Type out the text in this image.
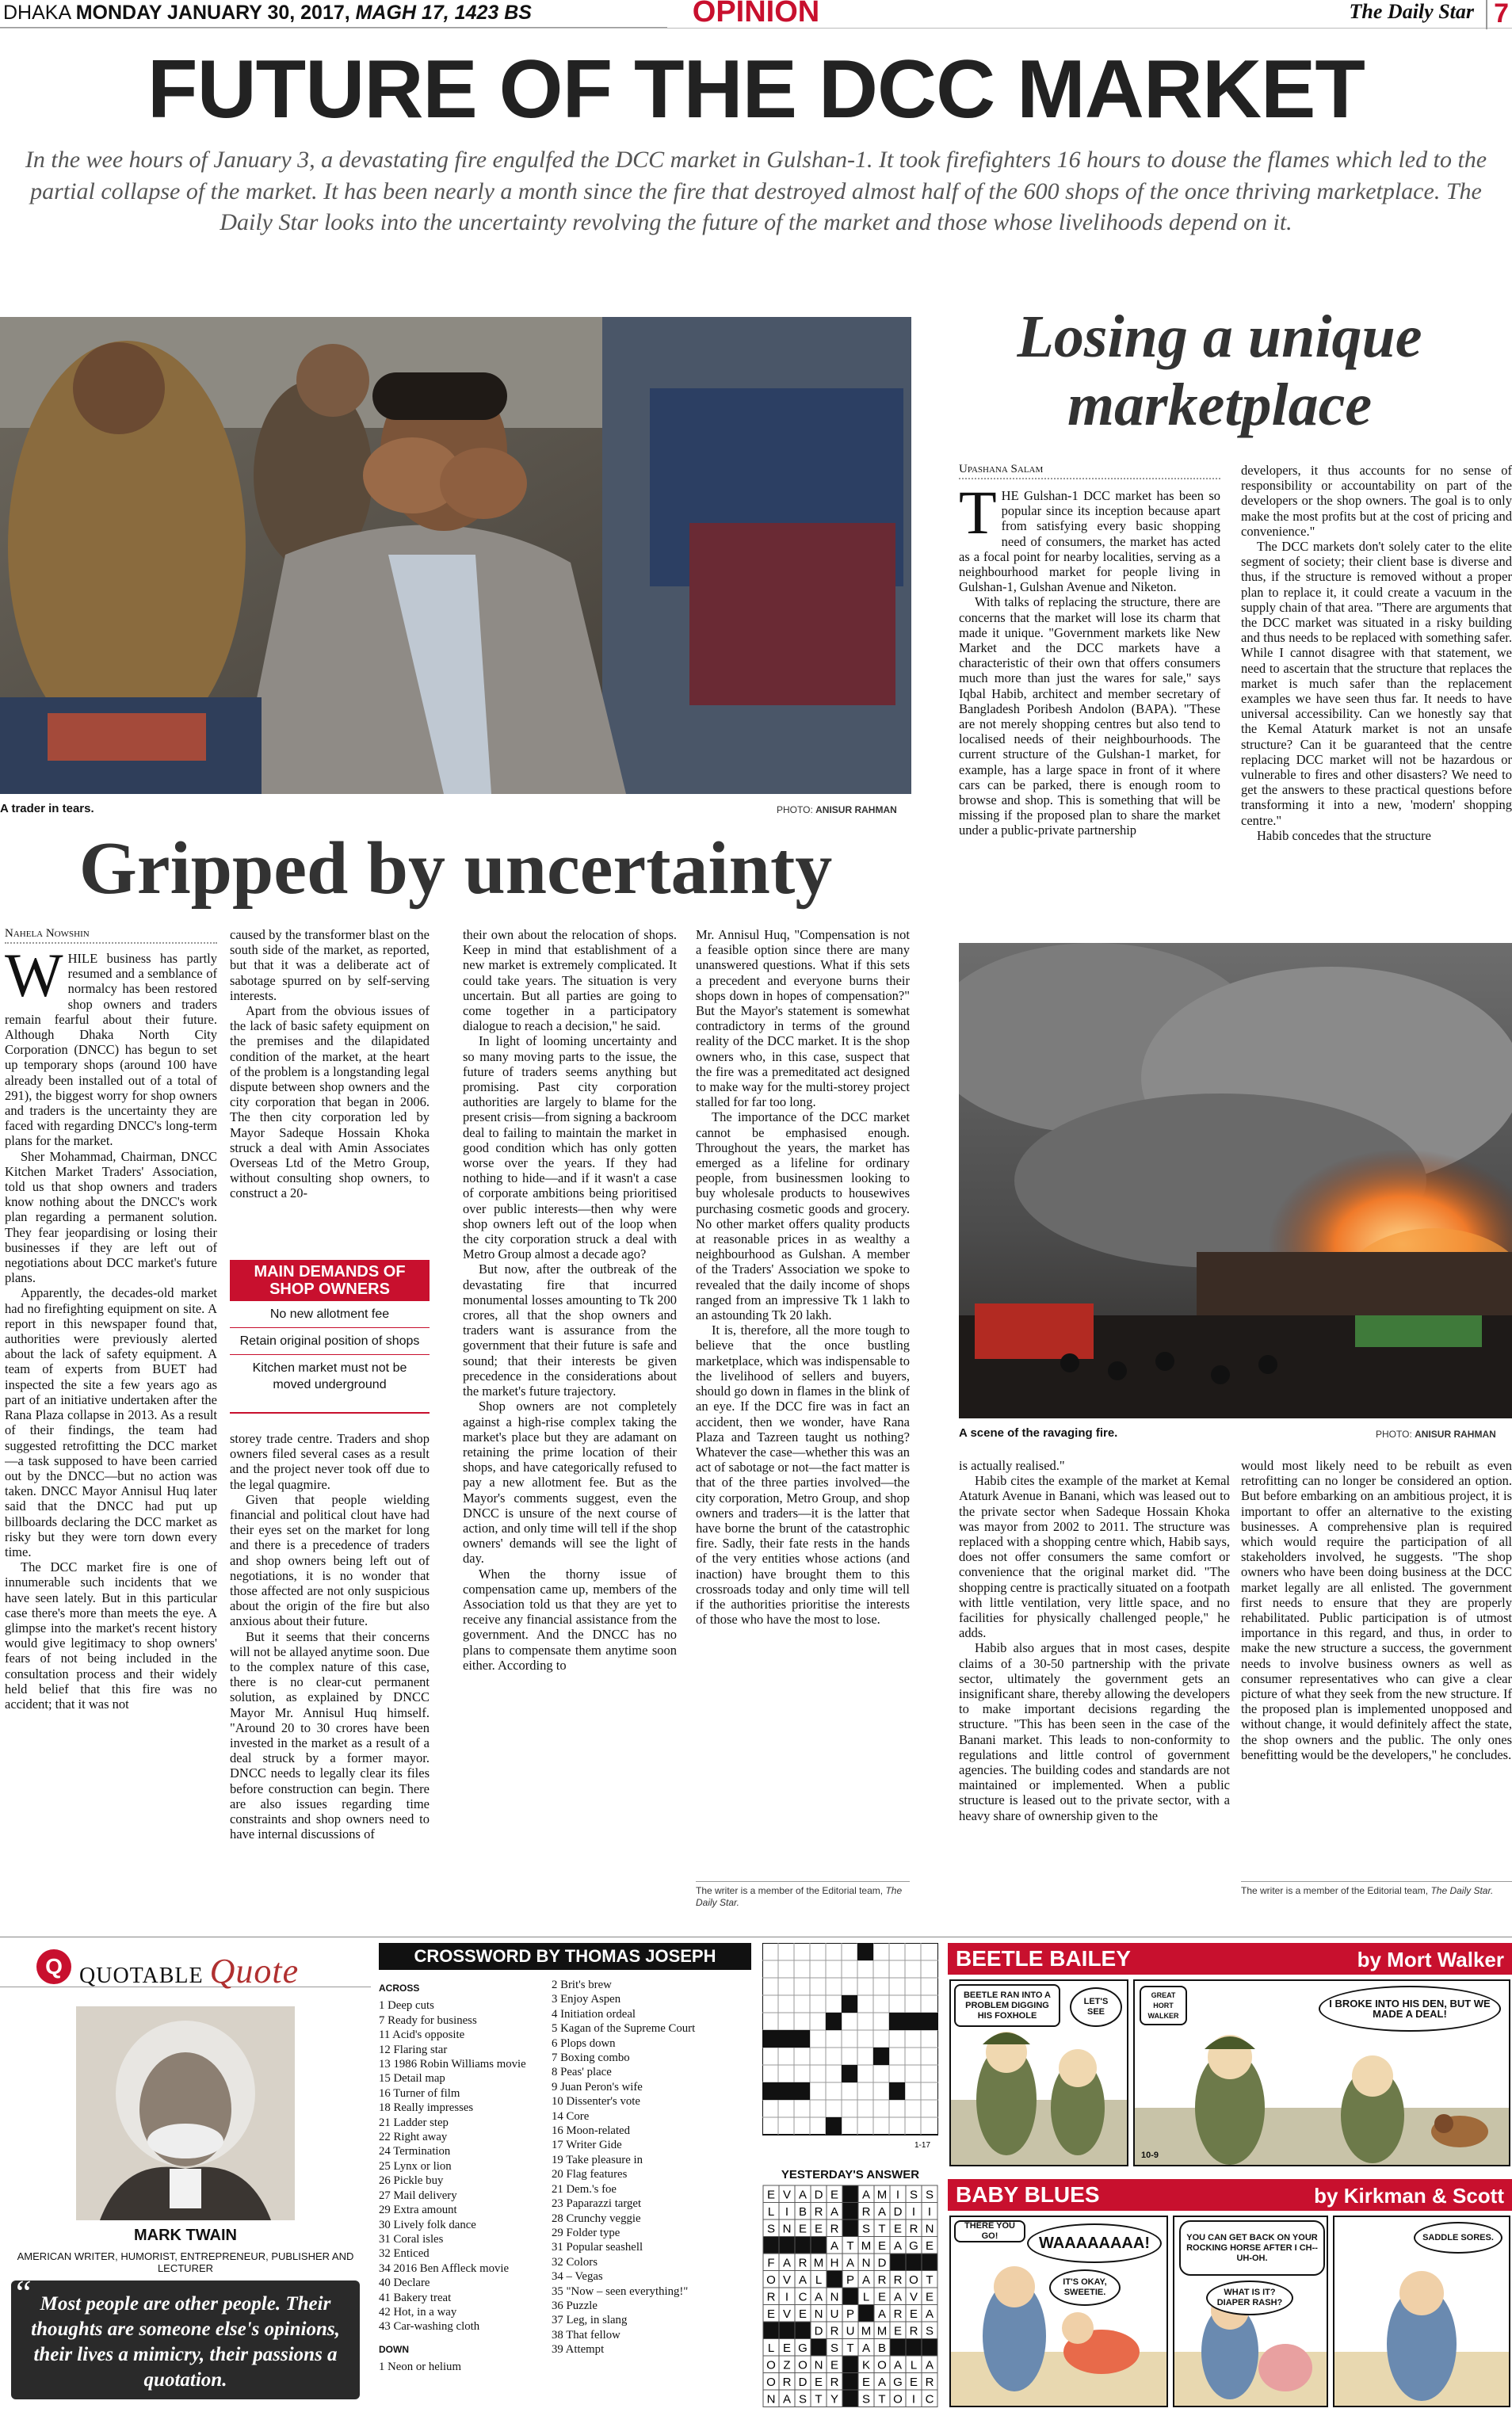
DHAKA MONDAY JANUARY 30, 2017, MAGH 17, 1423 BS	OPINION	The Daily Star 7
FUTURE OF THE DCC MARKET
In the wee hours of January 3, a devastating fire engulfed the DCC market in Gulshan-1. It took firefighters 16 hours to douse the flames which led to the partial collapse of the market. It has been nearly a month since the fire that destroyed almost half of the 600 shops of the once thriving marketplace. The Daily Star looks into the uncertainty revolving the future of the market and those whose livelihoods depend on it.
A trader in tears.	PHOTO: ANISUR RAHMAN
Losing a unique
marketplace
Upashana Salam
T HE Gulshan-1 DCC market has been so popular since its inception because apart from satisfying every basic shopping need of consumers, the market has acted as a focal point for nearby localities, serving as a neighbourhood market for people living in Gulshan-1, Gulshan Avenue and Niketon.

With talks of replacing the structure, there are concerns that the market will lose its charm that made it unique. "Government markets like New Market and the DCC markets have a characteristic of their own that offers consumers much more than just the wares for sale," says Iqbal Habib, architect and member secretary of Bangladesh Poribesh Andolon (BAPA). "These are not merely shopping centres but also tend to localised needs of their neighbourhoods. The current structure of the Gulshan-1 market, for example, has a large space in front of it where cars can be parked, there is enough room to browse and shop. This is something that will be missing if the proposed plan to share the market under a public-private partnership

developers, it thus accounts for no sense of responsibility or accountability on part of the developers or the shop owners. The goal is to only make the most profits but at the cost of pricing and convenience."

The DCC markets don't solely cater to the elite segment of society; their client base is diverse and thus, if the structure is removed without a proper plan to replace it, it could create a vacuum in the supply chain of that area. "There are arguments that the DCC market was situated in a risky building and thus needs to be replaced with something safer. While I cannot disagree with that statement, we need to ascertain that the structure that replaces the market is much safer than the replacement examples we have seen thus far. It needs to have universal accessibility. Can we honestly say that the Kemal Ataturk market is not an unsafe structure? Can it be guaranteed that the centre replacing DCC market will not be hazardous or vulnerable to fires and other disasters? We need to get the answers to these practical questions before transforming it into a new, 'modern' shopping centre."

Habib concedes that the structure

Gripped by uncertainty
Nahela Nowshin
W HILE business has partly resumed and a semblance of normalcy has been restored shop owners and traders remain fearful about their future. Although Dhaka North City Corporation (DNCC) has begun to set up temporary shops (around 100 have already been installed out of a total of 291), the biggest worry for shop owners and traders is the uncertainty they are faced with regarding DNCC's long-term plans for the market.

Sher Mohammad, Chairman, DNCC Kitchen Market Traders' Association, told us that shop owners and traders know nothing about the DNCC's work plan regarding a permanent solution. They fear jeopardising or losing their businesses if they are left out of negotiations about DCC market's future plans.

Apparently, the decades-old market had no firefighting equipment on site. A report in this newspaper found that, authorities were previously alerted about the lack of safety equipment. A team of experts from BUET had inspected the site a few years ago as part of an initiative undertaken after the Rana Plaza collapse in 2013. As a result of their findings, the team had suggested retrofitting the DCC market—a task supposed to have been carried out by the DNCC—but no action was taken. DNCC Mayor Annisul Huq later said that the DNCC had put up billboards declaring the DCC market as risky but they were torn down every time.

The DCC market fire is one of innumerable such incidents that we have seen lately. But in this particular case there's more than meets the eye. A glimpse into the market's recent history would give legitimacy to shop owners' fears of not being included in the consultation process and their widely held belief that this fire was no accident; that it was not

caused by the transformer blast on the south side of the market, as reported, but that it was a deliberate act of sabotage spurred on by self-serving interests.

Apart from the obvious issues of the lack of basic safety equipment on the premises and the dilapidated condition of the market, at the heart of the problem is a longstanding legal dispute between shop owners and the city corporation that began in 2006. The then city corporation led by Mayor Sadeque Hossain Khoka struck a deal with Amin Associates Overseas Ltd of the Metro Group, without consulting shop owners, to construct a 20-

MAIN DEMANDS OF SHOP OWNERS
No new allotment fee
Retain original position of shops
Kitchen market must not be moved underground

storey trade centre. Traders and shop owners filed several cases as a result and the project never took off due to the legal quagmire.

Given that people wielding financial and political clout have had their eyes set on the market for long and there is a precedence of traders and shop owners being left out of negotiations, it is no wonder that those affected are not only suspicious about the origin of the fire but also anxious about their future.

But it seems that their concerns will not be allayed anytime soon. Due to the complex nature of this case, there is no clear-cut permanent solution, as explained by DNCC Mayor Mr. Annisul Huq himself. "Around 20 to 30 crores have been invested in the market as a result of a deal struck by a former mayor. DNCC needs to legally clear its files before construction can begin. There are also issues regarding time constraints and shop owners need to have internal discussions of

their own about the relocation of shops. Keep in mind that establishment of a new market is extremely complicated. It could take years. The situation is very uncertain. But all parties are going to come together in a participatory dialogue to reach a decision," he said.

In light of looming uncertainty and so many moving parts to the issue, the future of traders seems anything but promising. Past city corporation authorities are largely to blame for the present crisis—from signing a backroom deal to failing to maintain the market in good condition which has only gotten worse over the years. If they had nothing to hide—and if it wasn't a case of corporate ambitions being prioritised over public interests—then why were shop owners left out of the loop when the city corporation struck a deal with Metro Group almost a decade ago?

But now, after the outbreak of the devastating fire that incurred monumental losses amounting to Tk 200 crores, all that the shop owners and traders want is assurance from the government that their future is safe and sound; that their interests be given precedence in the considerations about the market's future trajectory.

Shop owners are not completely against a high-rise complex taking the market's place but they are adamant on retaining the prime location of their shops, and have categorically refused to pay a new allotment fee. But as the Mayor's comments suggest, even the DNCC is unsure of the next course of action, and only time will tell if the shop owners' demands will see the light of day.

When the thorny issue of compensation came up, members of the Association told us that they are yet to receive any financial assistance from the government. And the DNCC has no plans to compensate them anytime soon either. According to

Mr. Annisul Huq, "Compensation is not a feasible option since there are many unanswered questions. What if this sets a precedent and everyone burns their shops down in hopes of compensation?" But the Mayor's statement is somewhat contradictory in terms of the ground reality of the DCC market. It is the shop owners who, in this case, suspect that the fire was a premeditated act designed to make way for the multi-storey project stalled for far too long.

The importance of the DCC market cannot be emphasised enough. Throughout the years, the market has emerged as a lifeline for ordinary people, from businessmen looking to buy wholesale products to housewives purchasing cosmetic goods and grocery. No other market offers quality products at reasonable prices in as wealthy a neighbourhood as Gulshan. A member of the Traders' Association we spoke to revealed that the daily income of shops ranged from an impressive Tk 1 lakh to an astounding Tk 20 lakh.

It is, therefore, all the more tough to believe that the once bustling marketplace, which was indispensable to the livelihood of sellers and buyers, should go down in flames in the blink of an eye. If the DCC fire was in fact an accident, then we wonder, have Rana Plaza and Tazreen taught us nothing? Whatever the case—whether this was an act of sabotage or not—the fact matter is that of the three parties involved—the city corporation, Metro Group, and shop owners and traders—it is the latter that have borne the brunt of the catastrophic fire. Sadly, their fate rests in the hands of the very entities whose actions (and inaction) have brought them to this crossroads today and only time will tell if the authorities prioritise the interests of those who have the most to lose.

The writer is a member of the Editorial team, The Daily Star.
A scene of the ravaging fire.	PHOTO: ANISUR RAHMAN

is actually realised."

Habib cites the example of the market at Kemal Ataturk Avenue in Banani, which was leased out to the private sector when Sadeque Hossain Khoka was mayor from 2002 to 2011. The structure was replaced with a shopping centre which, Habib says, does not offer consumers the same comfort or convenience that the original market did. "The shopping centre is practically situated on a footpath with little ventilation, very little space, and no facilities for physically challenged people," he adds.

Habib also argues that in most cases, despite claims of a 30-50 partnership with the private sector, ultimately the government gets an insignificant share, thereby allowing the developers to make important decisions regarding the structure. "This has been seen in the case of the Banani market. This leads to non-conformity to regulations and little control of government agencies. The building codes and standards are not maintained or implemented. When a public structure is leased out to the private sector, with a heavy share of ownership given to the

would most likely need to be rebuilt as even retrofitting can no longer be considered an option. But before embarking on an ambitious project, it is important to offer an alternative to the existing businesses. A comprehensive plan is required which would require the participation of all stakeholders involved, he suggests. "The shop owners who have been doing business at the DCC market legally are all enlisted. The government first needs to ensure that they are properly rehabilitated. Public participation is of utmost importance in this regard, and thus, in order to make the new structure a success, the government needs to involve business owners as well as consumer representatives who can give a clear picture of what they seek from the new structure. If the proposed plan is implemented unopposed and without change, it would definitely affect the state, the shop owners and the public. The only ones benefitting would be the developers," he concludes.

The writer is a member of the Editorial team, The Daily Star.
Q QUOTABLE Quote
MARK TWAIN
AMERICAN WRITER, HUMORIST, ENTREPRENEUR, PUBLISHER AND LECTURER
Most people are other people. Their thoughts are someone else's opinions, their lives a mimicry, their passions a quotation.
“
CROSSWORD BY THOMAS JOSEPH
ACROSS
1 Deep cuts
7 Ready for business
11 Acid's opposite
12 Flaring star
13 1986 Robin Williams movie
15 Detail map
16 Turner of film
18 Really impresses
21 Ladder step
22 Right away
24 Termination
25 Lynx or lion
26 Pickle buy
27 Mail delivery
29 Extra amount
30 Lively folk dance
31 Coral isles
32 Enticed
34 2016 Ben Affleck movie
40 Declare
41 Bakery treat
42 Hot, in a way
43 Car-washing cloth
DOWN
1 Neon or helium
2 Brit's brew
3 Enjoy Aspen
4 Initiation ordeal
5 Kagan of the Supreme Court
6 Plops down
7 Boxing combo
8 Peas' place
9 Juan Peron's wife
10 Dissenter's vote
14 Core
16 Moon-related
17 Writer Gide
19 Take pleasure in
20 Flag features
21 Dem.'s foe
23 Paparazzi target
28 Crunchy veggie
29 Folder type
31 Popular seashell
32 Colors
34 – Vegas
35 "Now – seen everything!"
36 Puzzle
37 Leg, in slang
38 That fellow
39 Attempt
1-17
YESTERDAY'S ANSWER
E V A D E A M I S S
L I B R A R A D I I
S N E E R S T E R N
A T M E A G E
F A R M H A N D
O V A L P A R R O T
R I C A N L E A V E
E V E N U P A R E A
D R U M M E R S
L E G S T A B
O Z O N E K O A L A
O R D E R E A G E R
N A S T Y S T O I C
BEETLE BAILEY	by Mort Walker
BEETLE RAN INTO A PROBLEM DIGGING HIS FOXHOLE
LET'S SEE
GREAT HORT WALKER
I BROKE INTO HIS DEN, BUT WE MADE A DEAL!
10-9
BABY BLUES	by Kirkman & Scott
THERE YOU GO!	WAAAAAAAA!
IT'S OKAY, SWEETIE.
YOU CAN GET BACK ON YOUR ROCKING HORSE AFTER I CH--UH-OH.
WHAT IS IT? DIAPER RASH?
SADDLE SORES.
